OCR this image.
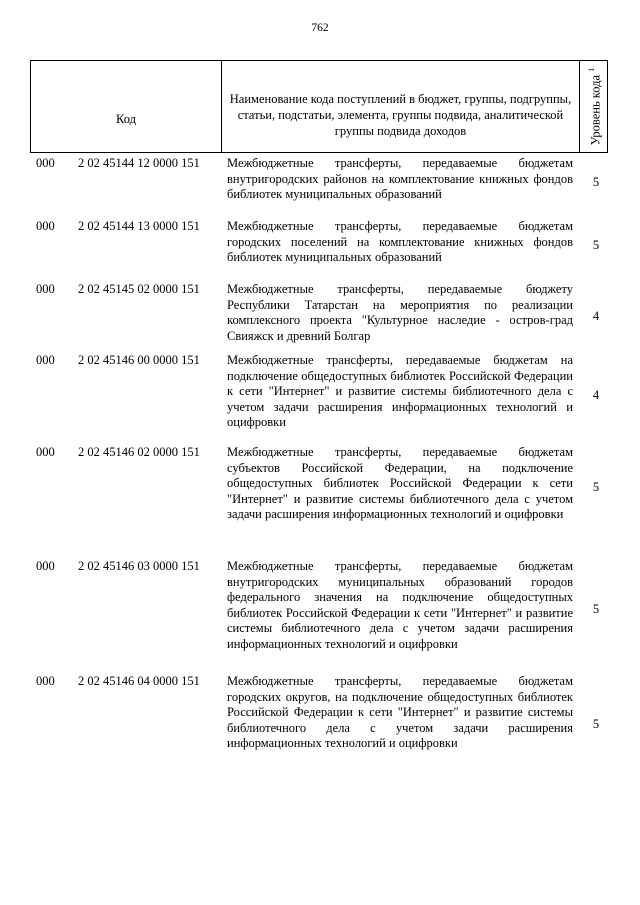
762
Код
Наименование кода поступлений в бюджет, группы, подгруппы, статьи, подстатьи, элемента, группы подвида, аналитической группы подвида доходов	Уровень кода $^1$
000 2 02 45144 12 0000 151 Межбюджетные трансферты, передаваемые бюджетам внутригородских районов на комплектование книжных фондов библиотек муниципальных образований
5
000 2 02 45144 13 0000 151 Межбюджетные трансферты, передаваемые бюджетам городских поселений на комплектование книжных фондов библиотек муниципальных образований
5
000 2 02 45145 02 0000 151 Межбюджетные трансферты, передаваемые бюджету Республики Татарстан на мероприятия по реализации комплексного проекта "Культурное наследие - остров-град Свияжск и древний Болгар
4
000 2 02 45146 00 0000 151 Межбюджетные трансферты, передаваемые бюджетам на подключение общедоступных библиотек Российской Федерации к сети "Интернет" и развитие системы библиотечного дела с учетом задачи расширения информационных технологий и оцифровки
4
000 2 02 45146 02 0000 151 Межбюджетные трансферты, передаваемые бюджетам субъектов Российской Федерации, на подключение общедоступных библиотек Российской Федерации к сети "Интернет" и развитие системы библиотечного дела с учетом задачи расширения информационных технологий и оцифровки
5
000 2 02 45146 03 0000 151 Межбюджетные трансферты, передаваемые бюджетам внутригородских муниципальных образований городов федерального значения на подключение общедоступных библиотек Российской Федерации к сети "Интернет" и развитие системы библиотечного дела с учетом задачи расширения информационных технологий и оцифровки
5
000 2 02 45146 04 0000 151 Межбюджетные трансферты, передаваемые бюджетам городских округов, на подключение общедоступных библиотек Российской Федерации к сети "Интернет" и развитие системы библиотечного дела с учетом задачи расширения информационных технологий и оцифровки
5
